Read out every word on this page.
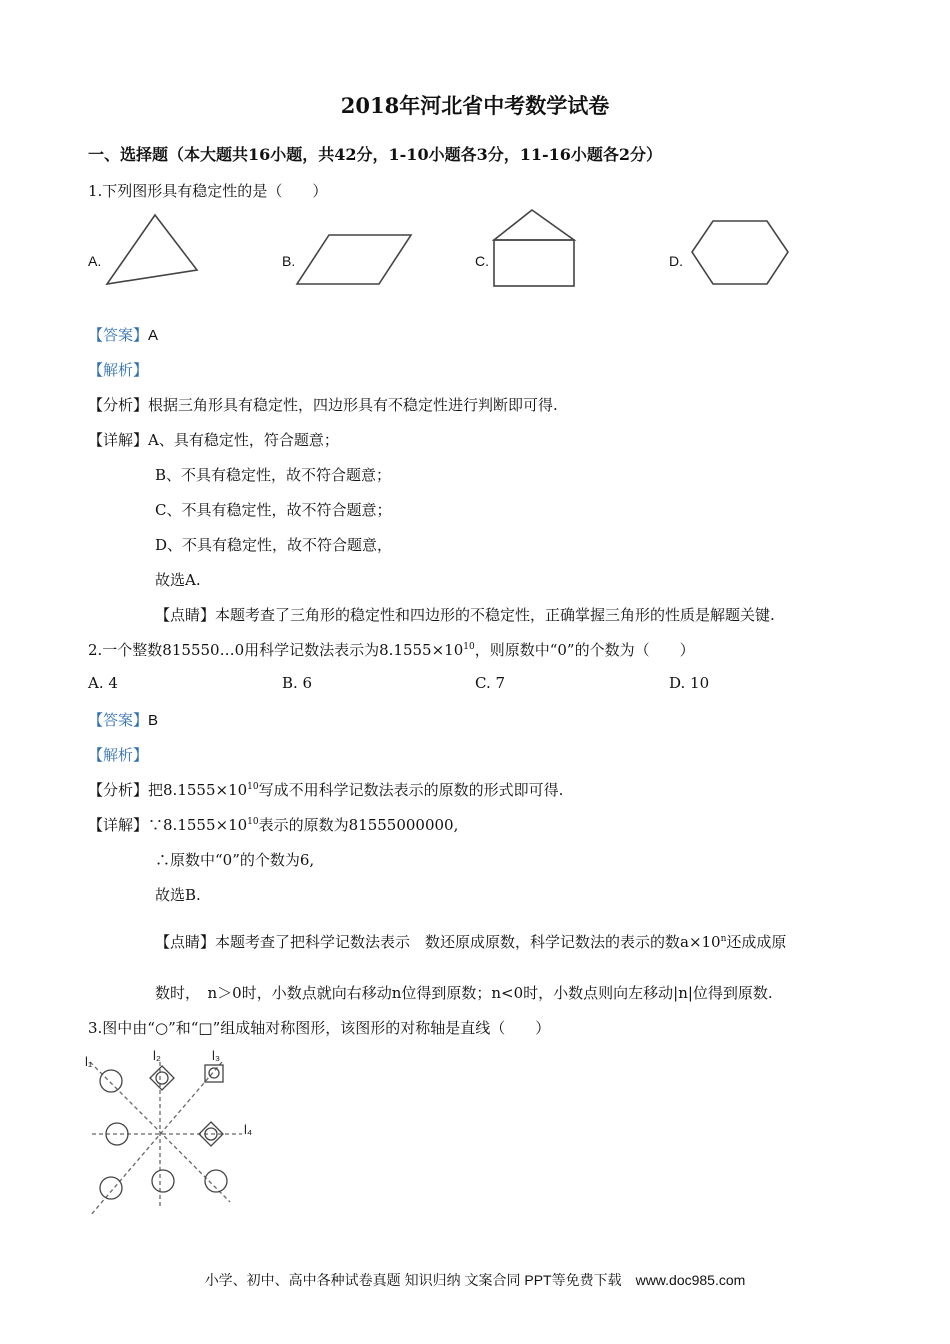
2018年河北省中考数学试卷
一、选择题（本大题共16小题，共42分，1-10小题各3分，11-16小题各2分）
1.下列图形具有稳定性的是（　　）
A.	B.	C.	D.
【答案】A
【解析】
【分析】根据三角形具有稳定性，四边形具有不稳定性进行判断即可得.
【详解】A、具有稳定性，符合题意；
B、不具有稳定性，故不符合题意；
C、不具有稳定性，故不符合题意；
D、不具有稳定性，故不符合题意，
故选A.
【点睛】本题考查了三角形的稳定性和四边形的不稳定性，正确掌握三角形的性质是解题关键.
2.一个整数815550…0用科学记数法表示为$8.1555\times 10^{10}$，则原数中“0”的个数为（　　）
A. 4	B. 6	C. 7	D. 10
【答案】B
【解析】
【分析】把$8.1555\times 10^{10}$写成不用科学记数法表示的原数的形式即可得.
【详解】$\because 8.1555\times 10^{10}$表示的原数为81555000000,
∴原数中“0”的个数为6,
故选B.
【点睛】本题考查了把科学记数法表示　数还原成原数，科学记数法的表示的数$a\times 10^n$还成成原
数时，　n＞0时，小数点就向右移动n位得到原数；n<0时，小数点则向左移动|n|位得到原数.
3.图中由“○”和“□”组成轴对称图形，该图形的对称轴是直线（　　）
l₁	l₂	l₃
l₄
小学、初中、高中各种试卷真题 知识归纳 文案合同 PPT等免费下载　www.doc985.com
